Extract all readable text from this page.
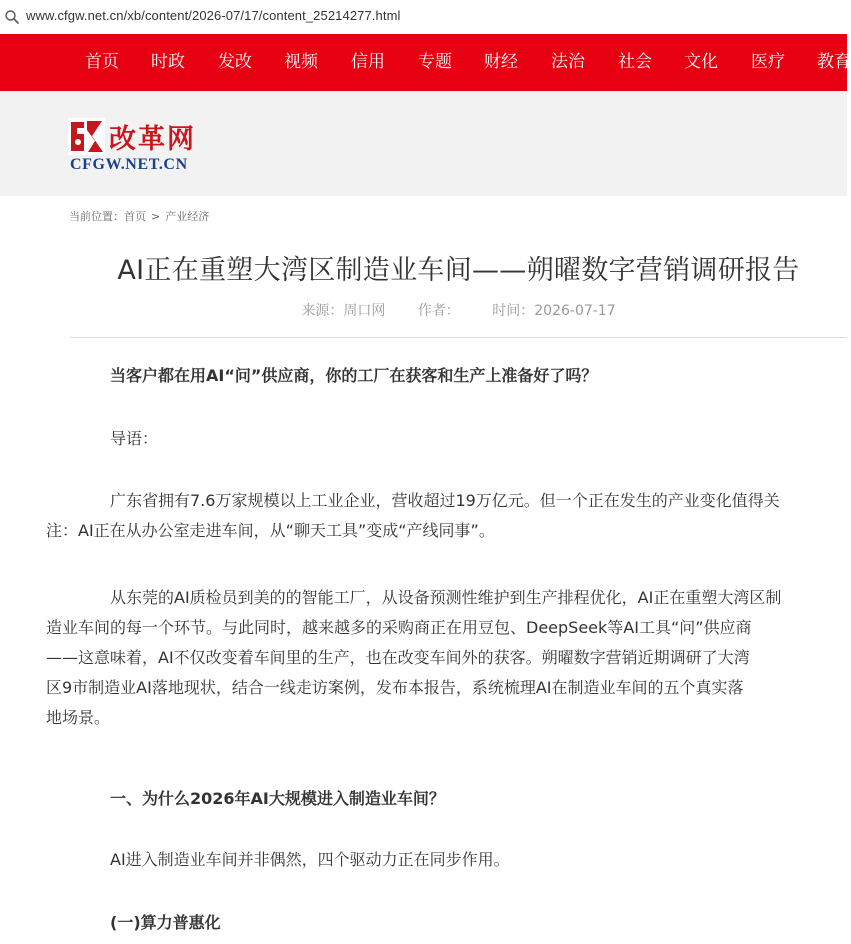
www.cfgw.net.cn/xb/content/2026-07/17/content_25214277.html
首页 时政 发改 视频 信用 专题 财经 法治 社会 文化 医疗 教育
改革网
CFGW.NET.CN
当前位置：首页 > 产业经济
AI正在重塑大湾区制造业车间——朔曜数字营销调研报告
来源：周口网 作者： 时间：2026-07-17

当客户都在用AI“问”供应商，你的工厂在获客和生产上准备好了吗？

导语：

广东省拥有7.6万家规模以上工业企业，营收超过19万亿元。但一个正在发生的产业变化值得关
注：AI正在从办公室走进车间，从“聊天工具”变成“产线同事”。

从东莞的AI质检员到美的的智能工厂，从设备预测性维护到生产排程优化，AI正在重塑大湾区制
造业车间的每一个环节。与此同时，越来越多的采购商正在用豆包、DeepSeek等AI工具“问”供应商
——这意味着，AI不仅改变着车间里的生产，也在改变车间外的获客。朔曜数字营销近期调研了大湾
区9市制造业AI落地现状，结合一线走访案例，发布本报告，系统梳理AI在制造业车间的五个真实落
地场景。

一、为什么2026年AI大规模进入制造业车间？

AI进入制造业车间并非偶然，四个驱动力正在同步作用。

(一)算力普惠化
